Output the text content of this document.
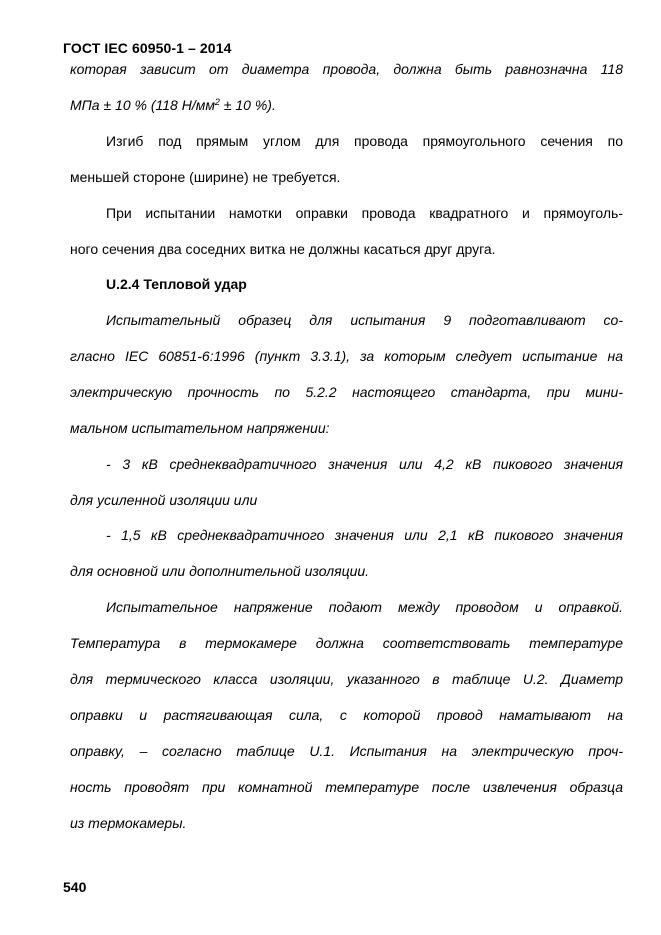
ГОСТ IEC 60950-1 – 2014
которая зависит от диаметра провода, должна быть равнозначна 118
МПа ± 10 % (118 $Н/мм^2 \pm 10$ %).
Изгиб под прямым углом для провода прямоугольного сечения по
меньшей стороне (ширине) не требуется.
При испытании намотки оправки провода квадратного и прямоуголь-
ного сечения два соседних витка не должны касаться друг друга.
U.2.4 Тепловой удар
Испытательный образец для испытания 9 подготавливают со-
гласно IEC 60851-6:1996 (пункт 3.3.1), за которым следует испытание на
электрическую прочность по 5.2.2 настоящего стандарта, при мини-
мальном испытательном напряжении:
- 3 кВ среднеквадратичного значения или 4,2 кВ пикового значения
для усиленной изоляции или
- 1,5 кВ среднеквадратичного значения или 2,1 кВ пикового значения
для основной или дополнительной изоляции.
Испытательное напряжение подают между проводом и оправкой.
Температура в термокамере должна соответствовать температуре
для термического класса изоляции, указанного в таблице U.2. Диаметр
оправки и растягивающая сила, с которой провод наматывают на
оправку, – согласно таблице U.1. Испытания на электрическую проч-
ность проводят при комнатной температуре после извлечения образца
из термокамеры.
540
